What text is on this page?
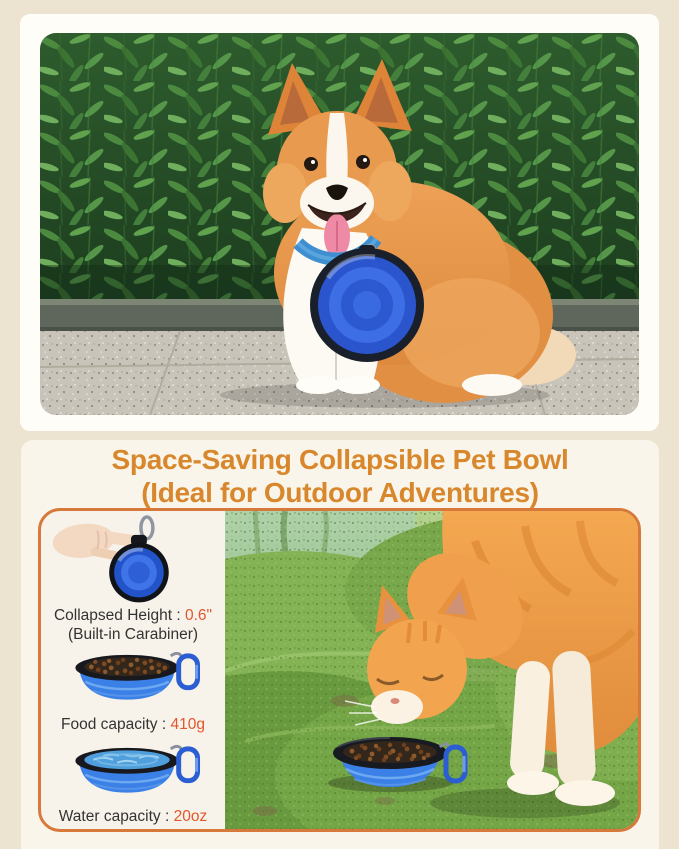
Space-Saving Collapsible Pet Bowl
(Ideal for Outdoor Adventures)
Collapsed Height : 0.6"
(Built-in Carabiner)
Food capacity : 410g
Water capacity : 20oz
